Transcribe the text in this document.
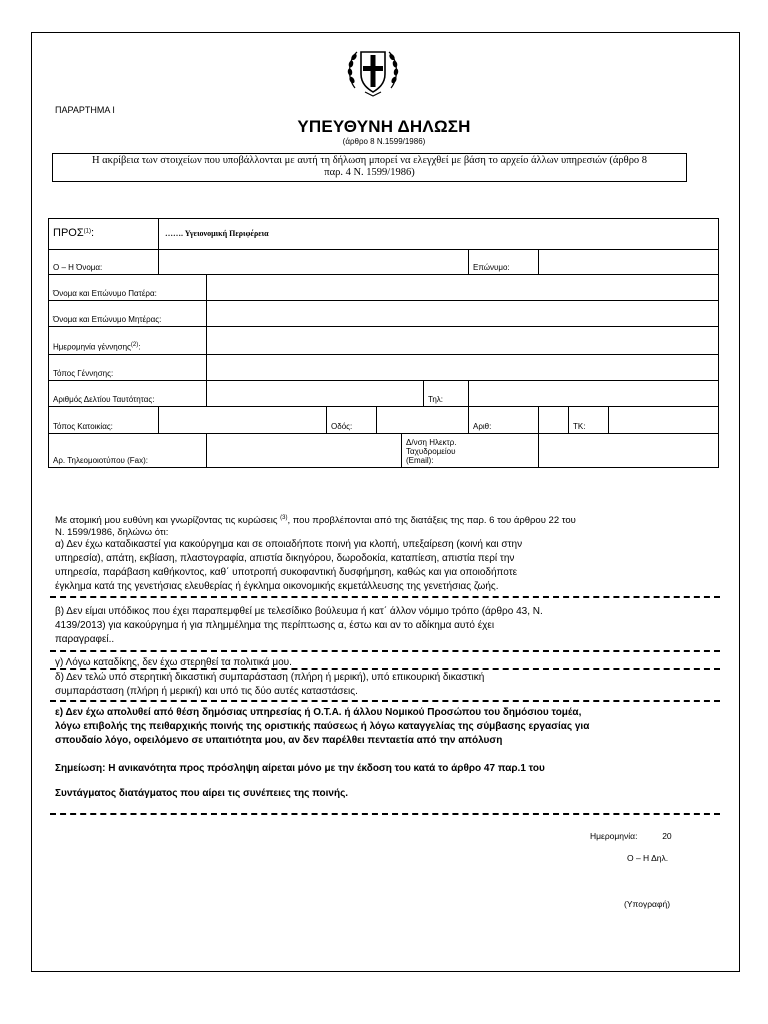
ΠΑΡΑΡΤΗΜΑ Ι
ΥΠΕΥΘΥΝΗ ΔΗΛΩΣΗ
(άρθρο 8 Ν.1599/1986)
Η ακρίβεια των στοιχείων που υποβάλλονται με αυτή τη δήλωση μπορεί να ελεγχθεί με βάση το αρχείο άλλων υπηρεσιών (άρθρο 8
παρ. 4 Ν. 1599/1986)
ΠΡΟΣ$^{(1)}$:	……. Υγειονομική Περιφέρεια									
Ο – Η Όνομα:							Επώνυμο:			
Όνομα και Επώνυμο Πατέρα:										
Όνομα και Επώνυμο Μητέρας:										
Ημερομηνία γέννησης$^{(2)}$:										
Τόπος Γέννησης:										
Αριθμός Δελτίου Ταυτότητας:						Τηλ:				
Τόπος Κατοικίας:			Οδός:				Αριθ:		ΤΚ:	
Αρ. Τηλεομοιοτύπου (Fax):					Δ/νση Ηλεκτρ.
Ταχυδρομείου
(Email):					

Με ατομική μου ευθύνη και γνωρίζοντας τις κυρώσεις $^{(3)}$, που προβλέπονται από της διατάξεις της παρ. 6 του άρθρου 22 του
Ν. 1599/1986, δηλώνω ότι:
α) Δεν έχω καταδικαστεί για κακούργημα και σε οποιαδήποτε ποινή για κλοπή, υπεξαίρεση (κοινή και στην
υπηρεσία), απάτη, εκβίαση, πλαστογραφία, απιστία δικηγόρου, δωροδοκία, καταπίεση, απιστία περί την
υπηρεσία, παράβαση καθήκοντος, καθ΄ υποτροπή συκοφαντική δυσφήμηση, καθώς και για οποιοδήποτε
έγκλημα κατά της γενετήσιας ελευθερίας ή έγκλημα οικονομικής εκμετάλλευσης της γενετήσιας ζωής.
β) Δεν είμαι υπόδικος που έχει παραπεμφθεί με τελεσίδικο βούλευμα ή κατ΄ άλλον νόμιμο τρόπο (άρθρο 43, Ν.
4139/2013) για κακούργημα ή για πλημμέλημα της περίπτωσης α, έστω και αν το αδίκημα αυτό έχει
παραγραφεί..
γ) Λόγω καταδίκης, δεν έχω στερηθεί τα πολιτικά μου.
δ) Δεν τελώ υπό στερητική δικαστική συμπαράσταση (πλήρη ή μερική), υπό επικουρική δικαστική
συμπαράσταση (πλήρη ή μερική) και υπό τις δύο αυτές καταστάσεις.
ε) Δεν έχω απολυθεί από θέση δημόσιας υπηρεσίας ή Ο.Τ.Α. ή άλλου Νομικού Προσώπου του δημόσιου τομέα,
λόγω επιβολής της πειθαρχικής ποινής της οριστικής παύσεως ή λόγω καταγγελίας της σύμβασης εργασίας για
σπουδαίο λόγο, οφειλόμενο σε υπαιτιότητα μου, αν δεν παρέλθει πενταετία από την απόλυση
Σημείωση: Η ανικανότητα προς πρόσληψη αίρεται μόνο με την έκδοση του κατά το άρθρο 47 παρ.1 του
Συντάγματος διατάγματος που αίρει τις συνέπειες της ποινής.
Ημερομηνία:	20
Ο – Η Δηλ.
(Υπογραφή)
